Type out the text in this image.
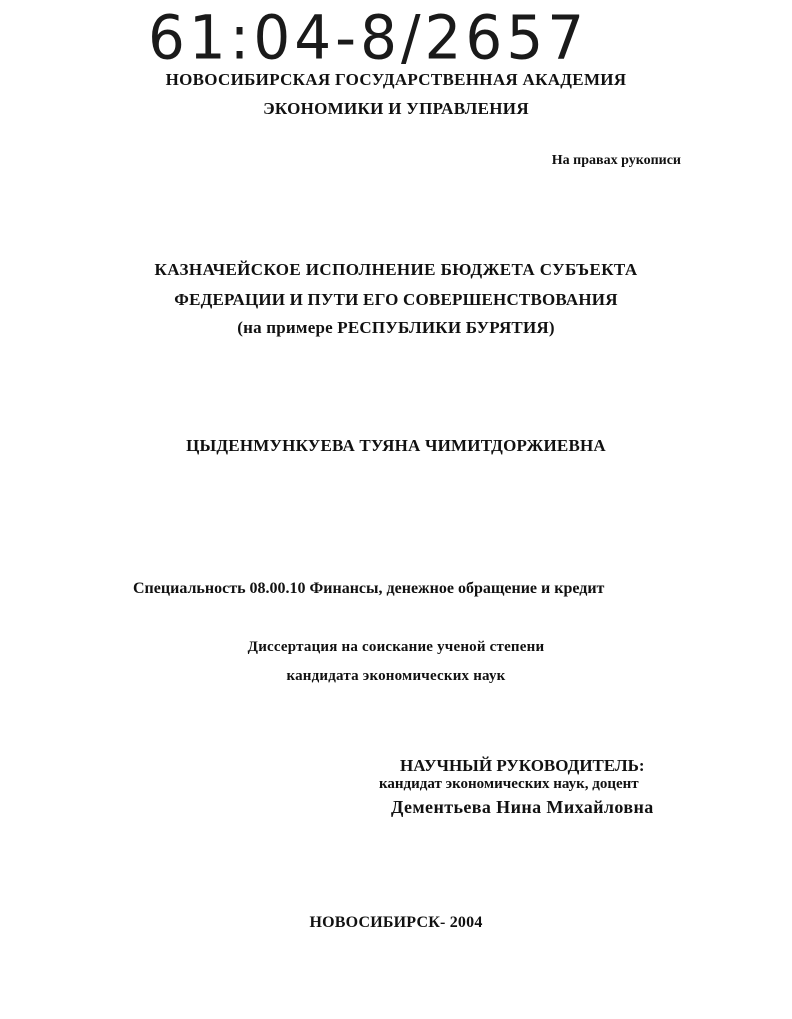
61:04-8/2657
НОВОСИБИРСКАЯ ГОСУДАРСТВЕННАЯ АКАДЕМИЯ
ЭКОНОМИКИ И УПРАВЛЕНИЯ
На правах рукописи
КАЗНАЧЕЙСКОЕ ИСПОЛНЕНИЕ БЮДЖЕТА СУБЪЕКТА
ФЕДЕРАЦИИ И ПУТИ ЕГО СОВЕРШЕНСТВОВАНИЯ
(на примере РЕСПУБЛИКИ БУРЯТИЯ)
ЦЫДЕНМУНКУЕВА ТУЯНА ЧИМИТДОРЖИЕВНА
Специальность 08.00.10 Финансы, денежное обращение и кредит
Диссертация на соискание ученой степени
кандидата экономических наук
НАУЧНЫЙ РУКОВОДИТЕЛЬ:
кандидат экономических наук, доцент
Дементьева Нина Михайловна
НОВОСИБИРСК- 2004
